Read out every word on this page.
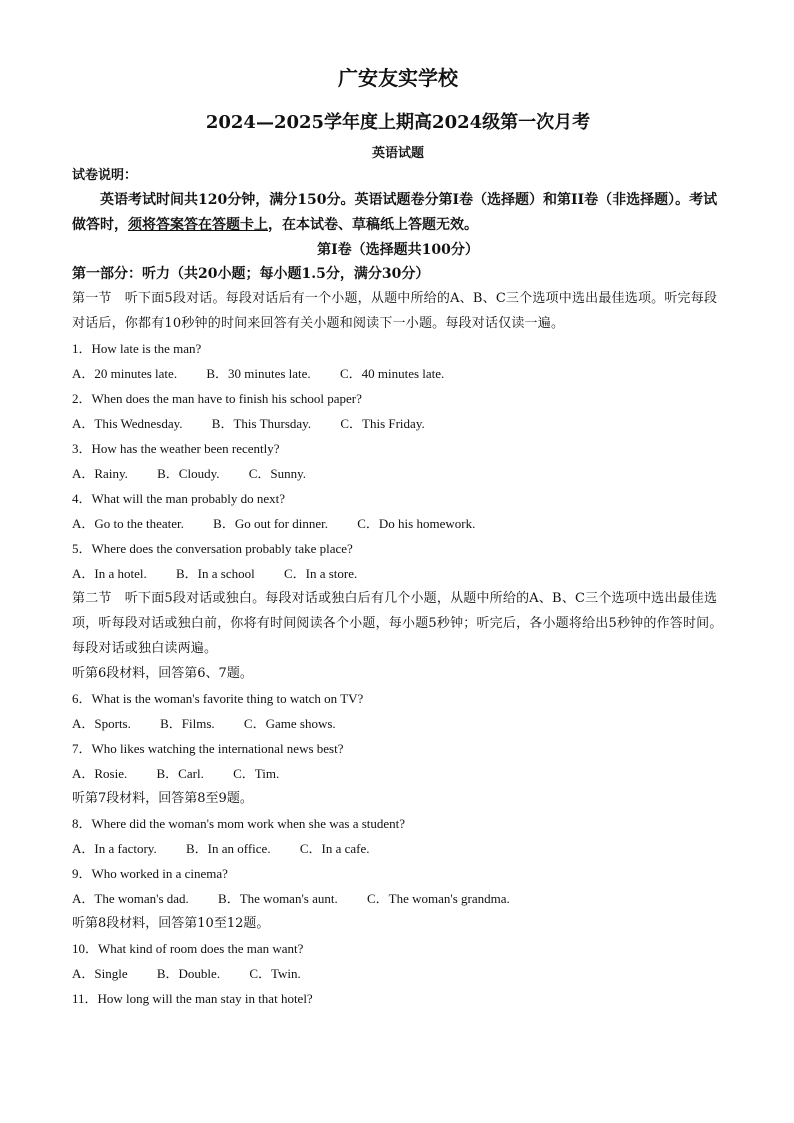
广安友实学校
2024—2025学年度上期高2024级第一次月考
英语试题
试卷说明：
英语考试时间共120分钟，满分150分。英语试题卷分第I卷（选择题）和第II卷（非选择题）。考试做答时，须将答案答在答题卡上，在本试卷、草稿纸上答题无效。
第I卷（选择题共100分）
第一部分：听力（共20小题；每小题1.5分，满分30分）
第一节　听下面5段对话。每段对话后有一个小题，从题中所给的A、B、C三个选项中选出最佳选项。听完每段对话后，你都有10秒钟的时间来回答有关小题和阅读下一小题。每段对话仅读一遍。
1．How late is the man?
A．20 minutes late. B．30 minutes late. C．40 minutes late.
2．When does the man have to finish his school paper?
A．This Wednesday. B．This Thursday. C．This Friday.
3．How has the weather been recently?
A．Rainy. B．Cloudy. C．Sunny.
4．What will the man probably do next?
A．Go to the theater. B．Go out for dinner. C．Do his homework.
5．Where does the conversation probably take place?
A．In a hotel. B．In a school C．In a store.
第二节　听下面5段对话或独白。每段对话或独白后有几个小题，从题中所给的A、B、C三个选项中选出最佳选项，听每段对话或独白前，你将有时间阅读各个小题，每小题5秒钟；听完后，各小题将给出5秒钟的作答时间。每段对话或独白读两遍。
听第6段材料，回答第6、7题。
6．What is the woman's favorite thing to watch on TV?
A．Sports. B．Films. C．Game shows.
7．Who likes watching the international news best?
A．Rosie. B．Carl. C．Tim.
听第7段材料，回答第8至9题。
8．Where did the woman's mom work when she was a student?
A．In a factory. B．In an office. C．In a cafe.
9．Who worked in a cinema?
A．The woman's dad. B．The woman's aunt. C．The woman's grandma.
听第8段材料，回答第10至12题。
10．What kind of room does the man want?
A．Single B．Double. C．Twin.
11．How long will the man stay in that hotel?
